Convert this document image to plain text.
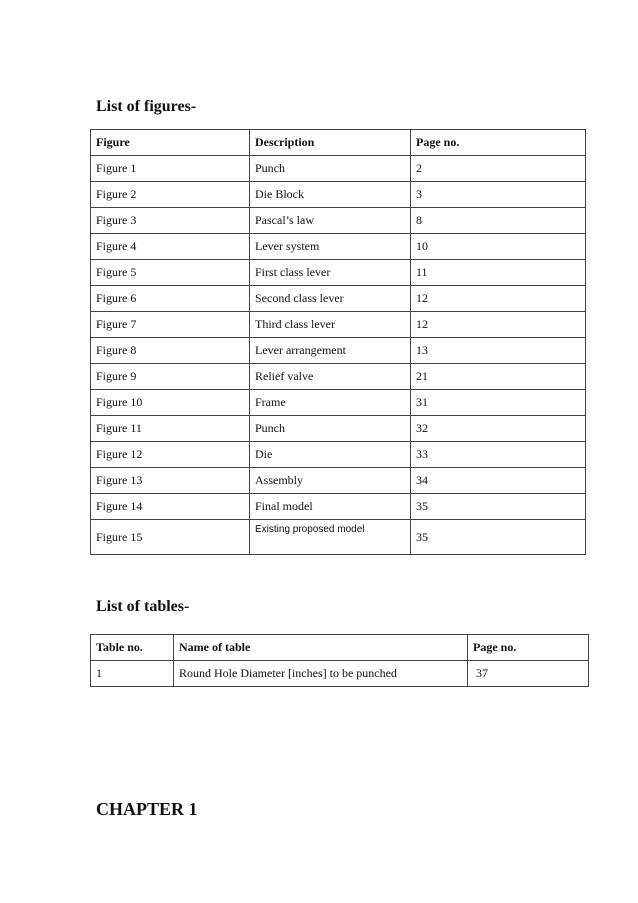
List of figures-
Figure	Description	Page no.
Figure 1	Punch	2
Figure 2	Die Block	3
Figure 3	Pascal’s law	8
Figure 4	Lever system	10
Figure 5	First class lever	11
Figure 6	Second class lever	12
Figure 7	Third class lever	12
Figure 8	Lever arrangement	13
Figure 9	Relief valve	21
Figure 10	Frame	31
Figure 11	Punch	32
Figure 12	Die	33
Figure 13	Assembly	34
Figure 14	Final model	35
Figure 15	Existing proposed model	35
List of tables-
Table no.	Name of table	Page no.
1	Round Hole Diameter [inches] to be punched	37
CHAPTER 1
